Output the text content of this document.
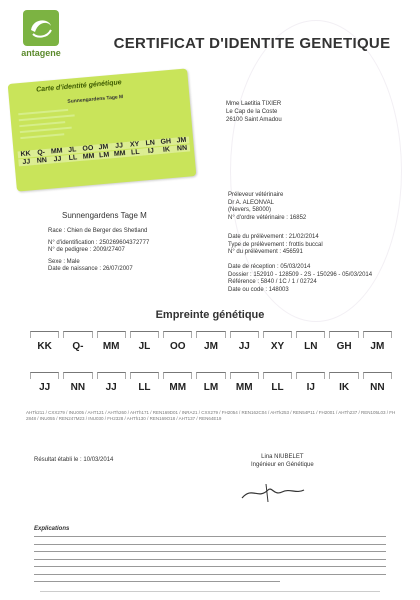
antagene
CERTIFICAT D'IDENTITE GENETIQUE
Carte d'identité génétique
Sunnengardens Tage M
KK Q- MM JL OO JM JJ XY LN GH JM
JJ NN JJ LL MM LM MM LL	IJ	IK NN
Mme Laetitia TIXIER
Le Cap de la Coste
26100 Saint Amadou
Sunnengardens Tage M
Race : Chien de Berger des Shetland
N° d'identification : 250269604372777
N° de pedigree : 2009/27407
Sexe : Male
Date de naissance : 26/07/2007
Préleveur vétérinaire
Dr A. ALEONVAL
(Nevers, 58000)
N° d'ordre vétérinaire : 16852
Date du prélèvement : 21/02/2014
Type de prélèvement : frottis buccal
N° du prélèvement : 456591
Date de réception : 05/03/2014
Dossier : 152910 - 128509 - 2S - 150296 - 05/03/2014
Référence : 5840 / 1C / 1 / 02724
Date ou code : 148003
Empreinte génétique
KK	Q-	MM	JL	OO	JM	JJ	XY	LN	GH	JM
JJ	NN	JJ	LL	MM	LM	MM	LL	IJ	IK	NN
AHTk211 / CXX279 / INU005 / AHT121 / AHTh260 / AHTh171 / REN169D01 / INRA21 / CXX279 / FH2054 / REN162C04 / AHTk253 / REN54P11 / FH2001 / AHTh237 / REN105L03 / FH2848 / INU055 / REN247M23 / INU030 / FH2328 / AHTh130 / REN169O18 / AHT137 / REN64E19
Résultat établi le : 10/03/2014	Lina NIUBELET
Ingénieur en Génétique
Explications
